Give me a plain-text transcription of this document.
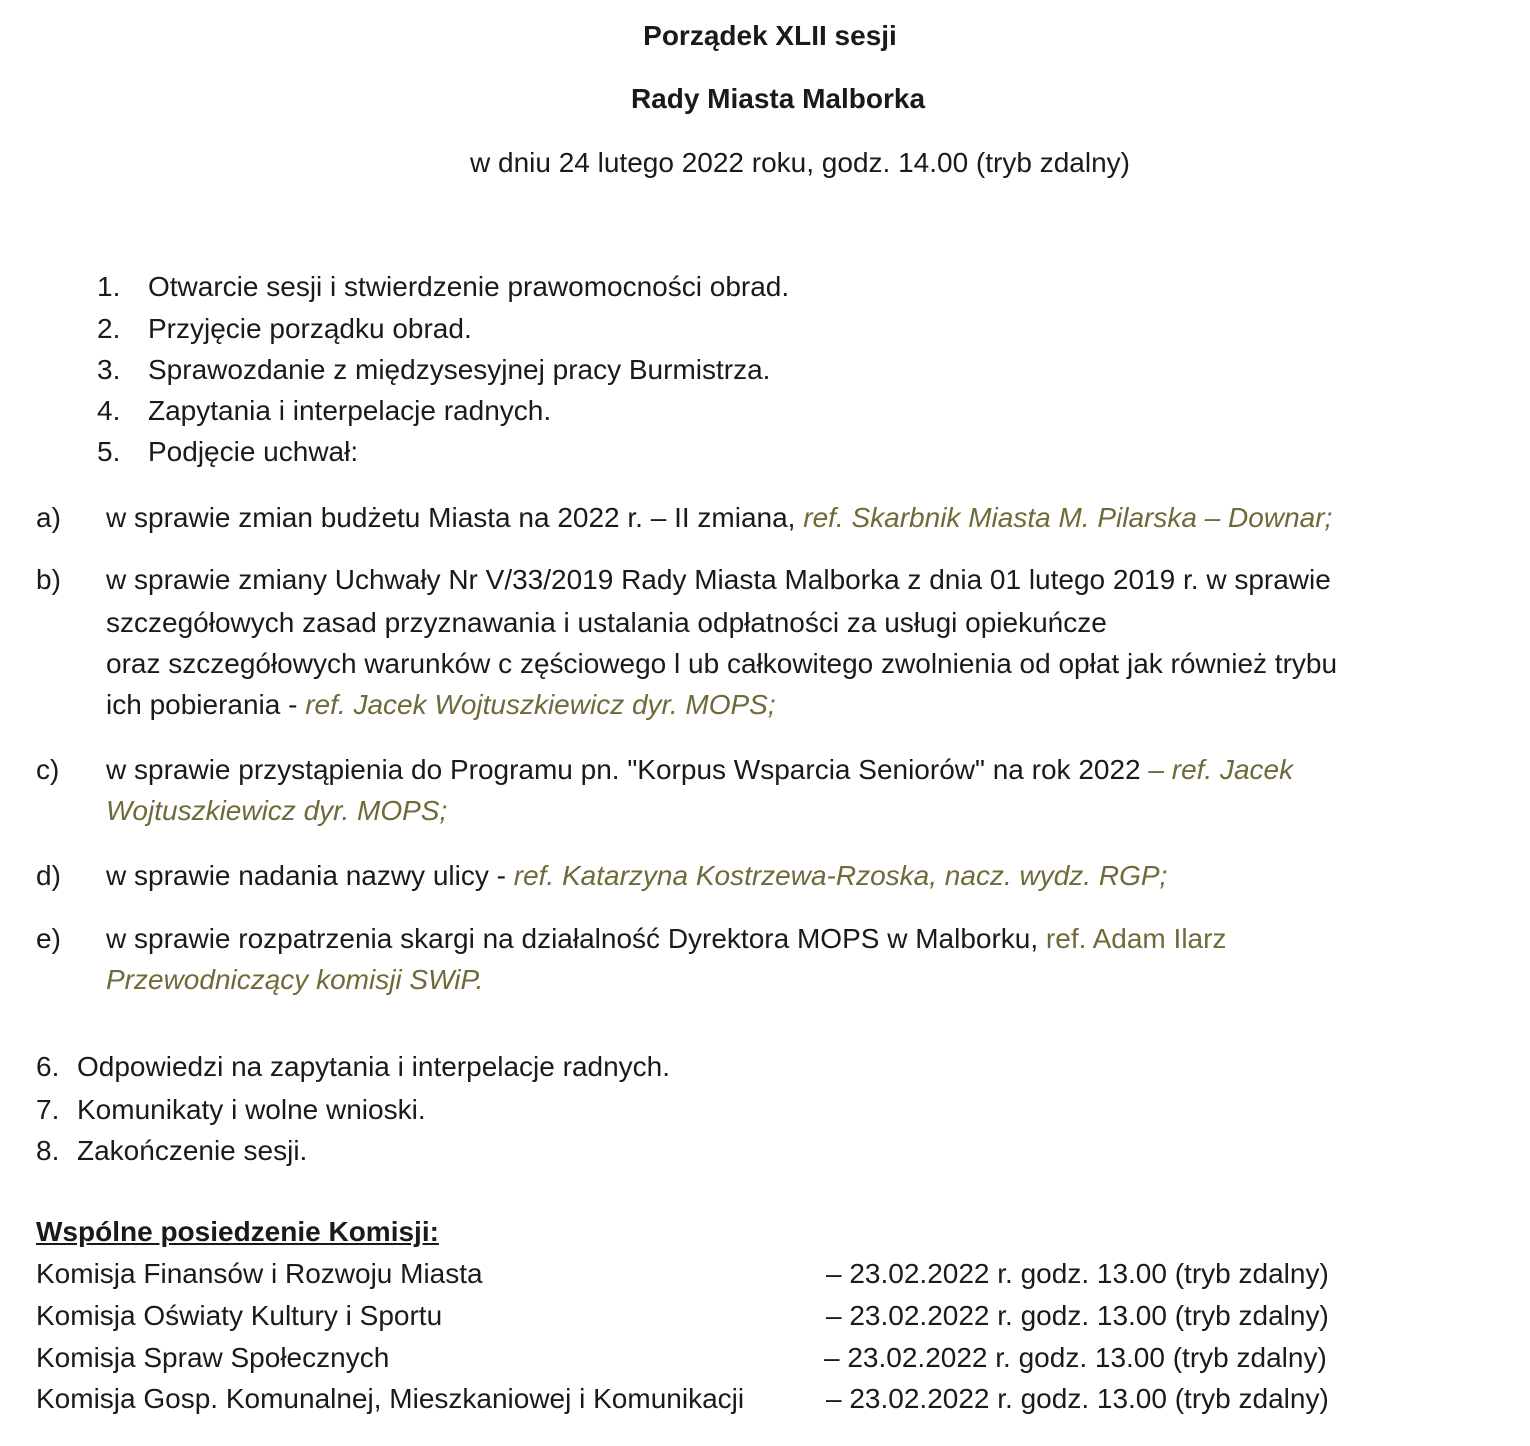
Porządek XLII sesji
Rady Miasta Malborka
w dniu 24 lutego 2022 roku, godz. 14.00 (tryb zdalny)
1. Otwarcie sesji i stwierdzenie prawomocności obrad.
2. Przyjęcie porządku obrad.
3. Sprawozdanie z międzysesyjnej pracy Burmistrza.
4. Zapytania i interpelacje radnych.
5. Podjęcie uchwał:
a) w sprawie zmian budżetu Miasta na 2022 r. – II zmiana, ref. Skarbnik Miasta M. Pilarska – Downar;
b) w sprawie zmiany Uchwały Nr V/33/2019 Rady Miasta Malborka z dnia 01 lutego 2019 r. w sprawie
szczegółowych zasad przyznawania i ustalania odpłatności za usługi opiekuńcze
oraz szczegółowych warunków c zęściowego l ub całkowitego zwolnienia od opłat jak również trybu
ich pobierania - ref. Jacek Wojtuszkiewicz dyr. MOPS;
c) w sprawie przystąpienia do Programu pn. "Korpus Wsparcia Seniorów" na rok 2022 – ref. Jacek
Wojtuszkiewicz dyr. MOPS;
d) w sprawie nadania nazwy ulicy - ref. Katarzyna Kostrzewa-Rzoska, nacz. wydz. RGP;
e) w sprawie rozpatrzenia skargi na działalność Dyrektora MOPS w Malborku, ref. Adam Ilarz
Przewodniczący komisji SWiP.
6. Odpowiedzi na zapytania i interpelacje radnych.
7. Komunikaty i wolne wnioski.
8. Zakończenie sesji.
Wspólne posiedzenie Komisji:
Komisja Finansów i Rozwoju Miasta	– 23.02.2022 r. godz. 13.00 (tryb zdalny)
Komisja Oświaty Kultury i Sportu	– 23.02.2022 r. godz. 13.00 (tryb zdalny)
Komisja Spraw Społecznych	– 23.02.2022 r. godz. 13.00 (tryb zdalny)
Komisja Gosp. Komunalnej, Mieszkaniowej i Komunikacji	– 23.02.2022 r. godz. 13.00 (tryb zdalny)
